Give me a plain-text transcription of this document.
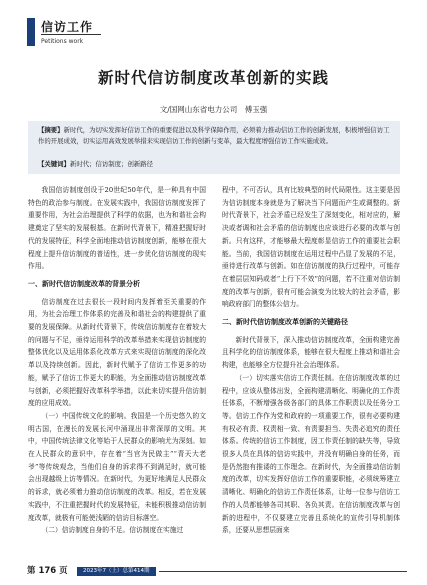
信访工作
Petitions work
新时代信访制度改革创新的实践
文/国网山东省电力公司　傅玉强

【摘要】新时代，为切实发挥好信访工作的重要促进以及科学保障作用，必须着力推动信访工作的创新发展，积极增强信访工作的开展成效，切实运用高效发展举措来实现信访工作的创新与变革，最大程度增强信访工作实施成效。

【关键词】新时代；信访制度；创新路径

我国信访制度创设于20世纪50年代，是一种具有中国特色的政治参与制度。在发展实践中，我国信访制度发挥了重要作用，为社会治理提供了科学的依据，也为和谐社会构建奠定了坚实的发展根基。在新时代背景下，精准把握好时代的发展特征，科学全面地推动信访制度创新，能够在很大程度上提升信访制度的普适性，进一步优化信访制度的现实作用。

一、新时代信访制度改革的背景分析

信访制度在过去很长一段时间内发挥着至关重要的作用，为社会治理工作体系的完善及和谐社会的构建提供了重要的发展保障。从新时代背景下，传统信访制度存在着较大的问题与不足，亟待运用科学的改革举措来实现信访制度的整体优化以及运用体系化改革方式来实现信访制度的深化改革以及持续创新。因此，新时代赋予了信访工作更多的功能，赋予了信访工作更大的职能，为全面推动信访制度改革与创新，必须把握好改革科学举措，以此来切实提升信访制度的应用成效。

（一）中国传统文化的影响。我国是一个历史悠久的文明古国，在漫长的发展长河中涌现出非常深厚的文明。其中，中国传统法律文化等始于人民群众的影响尤为深刻。如在人民群众的意识中，存在着“当官为民做主”“青天大老爷”等传统观念，当他们自身的诉求得不到满足时，就可能会出现越级上访等情况。在新时代，为更好地满足人民群众的诉求，就必须着力推动信访制度的改革。相反，若在发展实践中，不注重把握时代的发展特征，未能积极推动信访制度改革，就极有可能使浅陋的信访目标落空。

（二）信访制度自身的不足。信访制度在实施过

程中，不可否认，具有比较典型的时代局限性。这主要是因为信访制度本身就是为了解决当下问题而产生或调整的。新时代背景下，社会矛盾已经发生了深刻变化，相对应的，解决或者调和社会矛盾的信访制度也应该进行必要的改革与创新。只有这样，才能够最大程度彰显信访工作的重要社会职能。当前，我国信访制度在运用过程中凸显了发展的不足，亟待进行改革与创新。如在信访制度的执行过程中，可能存在着层层知码或者“上行下不效”的问题，若不注重对信访制度的改革与创新，很有可能会演变为比较大的社会矛盾，影响政府部门的整体公信力。

二、新时代信访制度改革创新的关键路径

新时代背景下，深入推动信访制度改革，全面构建完善且科学化的信访制度体系，能够在很大程度上推动和谐社会构建，也能够全方位提升社会治理体系。

（一）切实落实信访工作责任制。在信访制度改革的过程中，应该从整体出发，全面构建清晰化、明确化的工作责任体系，不断增强各级各部门的具体工作职责以及任务分工等。信访工作作为党和政府的一项重要工作，很有必要构建有权必有责、权责相一致、有责要担当、失责必追究的责任体系。传统的信访工作制度，因工作责任制的缺失等，导致很多人员在具体的信访实践中，并没有明确自身的任务，而是仍然抱有推诿的工作理念。在新时代，为全面推动信访制度的改革，切实发挥好信访工作的重要职能，必须统筹建立清晰化、明确化的信访工作责任体系，让每一位参与信访工作的人员都能够各司其职、各负其责。在信访制度改革与创新的进程中，不仅要建立完善且系统化的宣传引导机制体系，还要从思想层面来

第 176 页	2023年7（上）总第414期
